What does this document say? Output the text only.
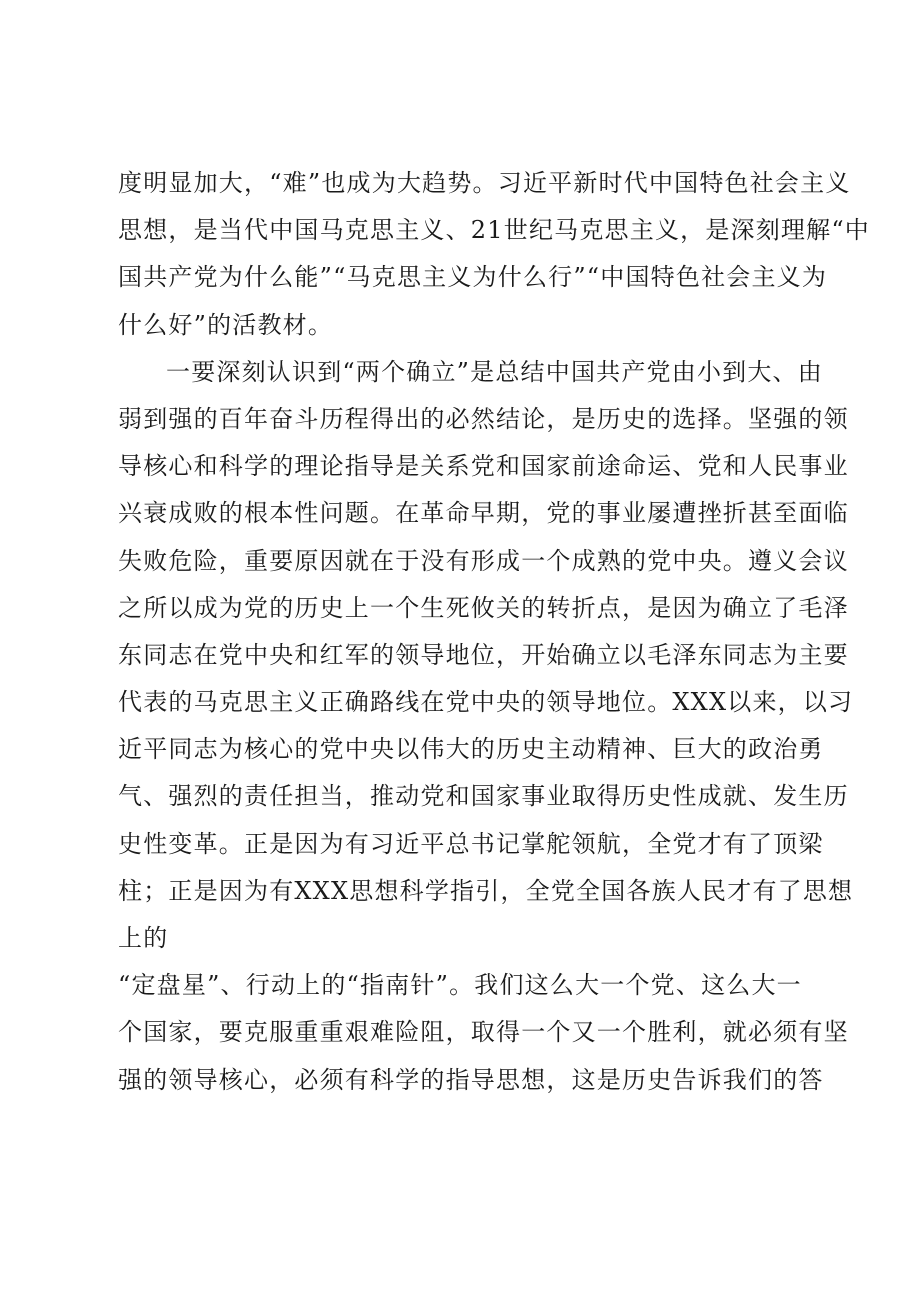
度明显加大，“难”也成为大趋势。习近平新时代中国特色社会主义
思想，是当代中国马克思主义、21世纪马克思主义，是深刻理解“中
国共产党为什么能”“马克思主义为什么行”“中国特色社会主义为
什么好”的活教材。
一要深刻认识到“两个确立”是总结中国共产党由小到大、由
弱到强的百年奋斗历程得出的必然结论，是历史的选择。坚强的领
导核心和科学的理论指导是关系党和国家前途命运、党和人民事业
兴衰成败的根本性问题。在革命早期，党的事业屡遭挫折甚至面临
失败危险，重要原因就在于没有形成一个成熟的党中央。遵义会议
之所以成为党的历史上一个生死攸关的转折点，是因为确立了毛泽
东同志在党中央和红军的领导地位，开始确立以毛泽东同志为主要
代表的马克思主义正确路线在党中央的领导地位。XXX以来，以习
近平同志为核心的党中央以伟大的历史主动精神、巨大的政治勇
气、强烈的责任担当，推动党和国家事业取得历史性成就、发生历
史性变革。正是因为有习近平总书记掌舵领航，全党才有了顶梁
柱；正是因为有XXX思想科学指引，全党全国各族人民才有了思想
上的
“定盘星”、行动上的“指南针”。我们这么大一个党、这么大一
个国家，要克服重重艰难险阻，取得一个又一个胜利，就必须有坚
强的领导核心，必须有科学的指导思想，这是历史告诉我们的答
